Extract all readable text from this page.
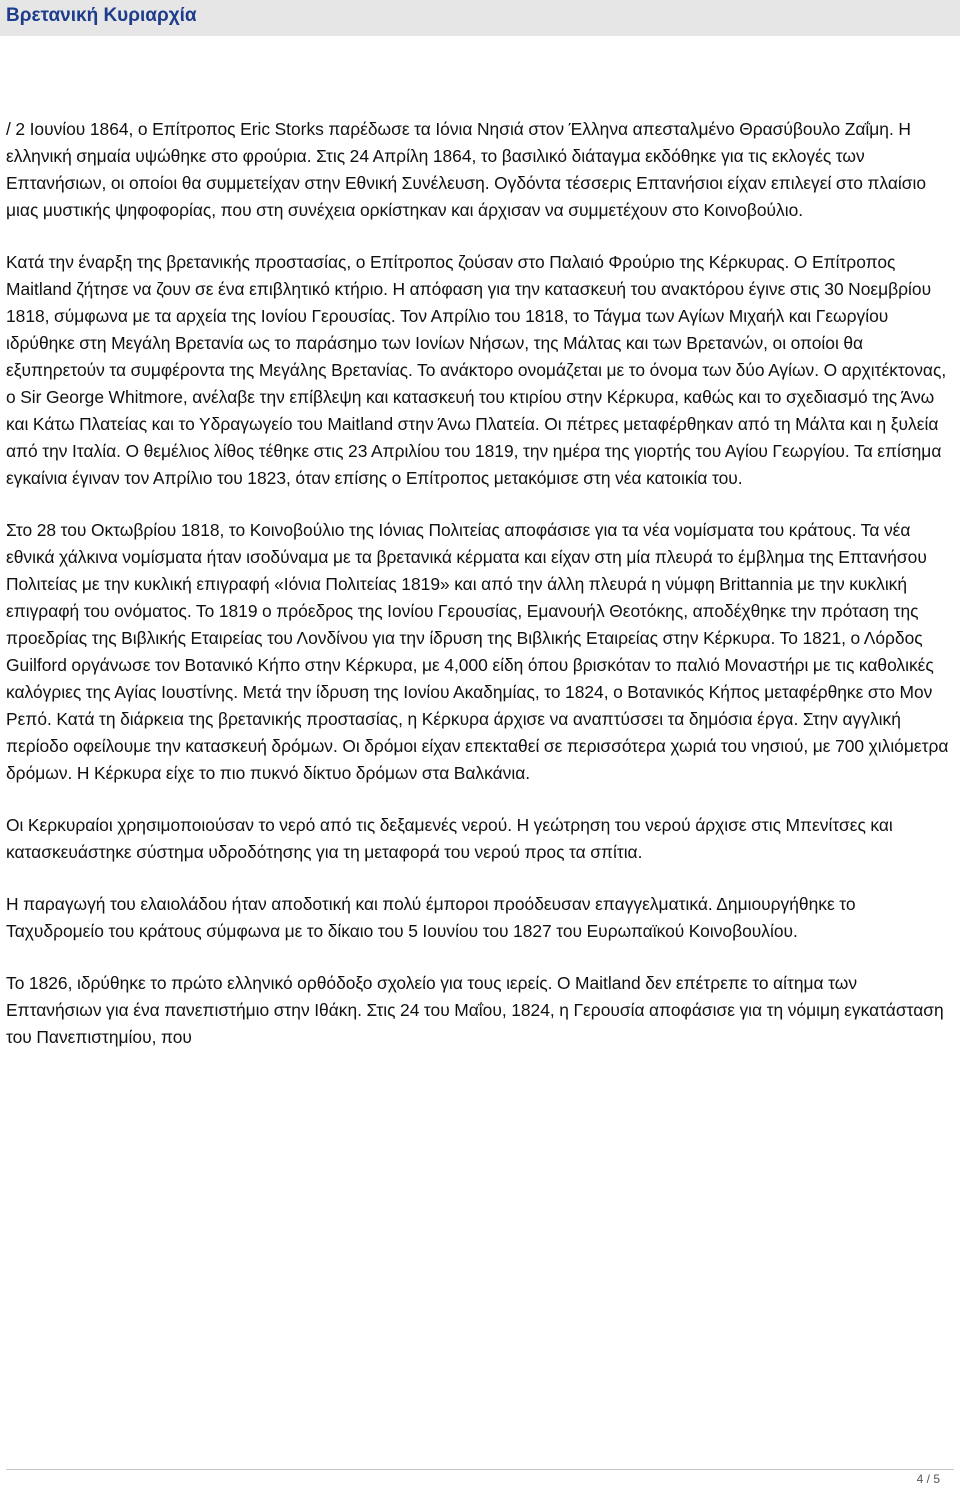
Βρετανική Κυριαρχία

/ 2 Ιουνίου 1864, ο Επίτροπος Eric Storks παρέδωσε τα Ιόνια Νησιά στον Έλληνα απεσταλμένο Θρασύβουλο Ζαΐμη. Η ελληνική σημαία υψώθηκε στο φρούρια. Στις 24 Απρίλη 1864, το βασιλικό διάταγμα εκδόθηκε για τις εκλογές των Επτανήσιων, οι οποίοι θα συμμετείχαν στην Εθνική Συνέλευση. Ογδόντα τέσσερις Επτανήσιοι είχαν επιλεγεί στο πλαίσιο μιας μυστικής ψηφοφορίας, που στη συνέχεια ορκίστηκαν και άρχισαν να συμμετέχουν στο Κοινοβούλιο.

Κατά την έναρξη της βρετανικής προστασίας, ο Επίτροπος ζούσαν στο Παλαιό Φρούριο της Κέρκυρας. Ο Επίτροπος Maitland ζήτησε να ζουν σε ένα επιβλητικό κτήριο. Η απόφαση για την κατασκευή του ανακτόρου έγινε στις 30 Νοεμβρίου 1818, σύμφωνα με τα αρχεία της Ιονίου Γερουσίας. Τον Απρίλιο του 1818, το Τάγμα των Αγίων Μιχαήλ και Γεωργίου ιδρύθηκε στη Μεγάλη Βρετανία ως το παράσημο των Ιονίων Νήσων, της Μάλτας και των Βρετανών, οι οποίοι θα εξυπηρετούν τα συμφέροντα της Μεγάλης Βρετανίας. Το ανάκτορο ονομάζεται με το όνομα των δύο Αγίων. Ο αρχιτέκτονας, ο Sir George Whitmore, ανέλαβε την επίβλεψη και κατασκευή του κτιρίου στην Κέρκυρα, καθώς και το σχεδιασμό της Άνω και Κάτω Πλατείας και το Υδραγωγείο του Maitland στην Άνω Πλατεία. Οι πέτρες μεταφέρθηκαν από τη Μάλτα και η ξυλεία από την Ιταλία. Ο θεμέλιος λίθος τέθηκε στις 23 Απριλίου του 1819, την ημέρα της γιορτής του Αγίου Γεωργίου. Τα επίσημα εγκαίνια έγιναν τον Απρίλιο του 1823, όταν επίσης ο Επίτροπος μετακόμισε στη νέα κατοικία του.

Στο 28 του Οκτωβρίου 1818, το Κοινοβούλιο της Ιόνιας Πολιτείας αποφάσισε για τα νέα νομίσματα του κράτους. Τα νέα εθνικά χάλκινα νομίσματα ήταν ισοδύναμα με τα βρετανικά κέρματα και είχαν στη μία πλευρά το έμβλημα της Επτανήσου Πολιτείας με την κυκλική επιγραφή «Ιόνια Πολιτείας 1819» και από την άλλη πλευρά η νύμφη Brittannia με την κυκλική επιγραφή του ονόματος. Το 1819 ο πρόεδρος της Ιονίου Γερουσίας, Εμανουήλ Θεοτόκης, αποδέχθηκε την πρόταση της προεδρίας της Βιβλικής Εταιρείας του Λονδίνου για την ίδρυση της Βιβλικής Εταιρείας στην Κέρκυρα. Το 1821, ο Λόρδος Guilford οργάνωσε τον Βοτανικό Κήπο στην Κέρκυρα, με 4,000 είδη όπου βρισκόταν το παλιό Μοναστήρι με τις καθολικές καλόγριες της Αγίας Ιουστίνης. Μετά την ίδρυση της Ιονίου Ακαδημίας, το 1824, ο Βοτανικός Κήπος μεταφέρθηκε στο Μον Ρεπό. Κατά τη διάρκεια της βρετανικής προστασίας, η Κέρκυρα άρχισε να αναπτύσσει τα δημόσια έργα. Στην αγγλική περίοδο οφείλουμε την κατασκευή δρόμων. Οι δρόμοι είχαν επεκταθεί σε περισσότερα χωριά του νησιού, με 700 χιλιόμετρα δρόμων. Η Κέρκυρα είχε το πιο πυκνό δίκτυο δρόμων στα Βαλκάνια.

Οι Κερκυραίοι χρησιμοποιούσαν το νερό από τις δεξαμενές νερού. Η γεώτρηση του νερού άρχισε στις Μπενίτσες και κατασκευάστηκε σύστημα υδροδότησης για τη μεταφορά του νερού προς τα σπίτια.

Η παραγωγή του ελαιολάδου ήταν αποδοτική και πολύ έμπορoι προόδευσαν επαγγελματικά. Δημιουργήθηκε το Ταχυδρομείο του κράτους σύμφωνα με το δίκαιο του 5 Ιουνίου του 1827 του Ευρωπαϊκού Κοινοβουλίου.

Το 1826, ιδρύθηκε το πρώτο ελληνικό ορθόδοξο σχολείο για τους ιερείς. Ο Maitland δεν επέτρεπε το αίτημα των Επτανήσιων για ένα πανεπιστήμιο στην Ιθάκη. Στις 24 του Μαΐου, 1824, η Γερουσία αποφάσισε για τη νόμιμη εγκατάσταση του Πανεπιστημίου, που

4 / 5
